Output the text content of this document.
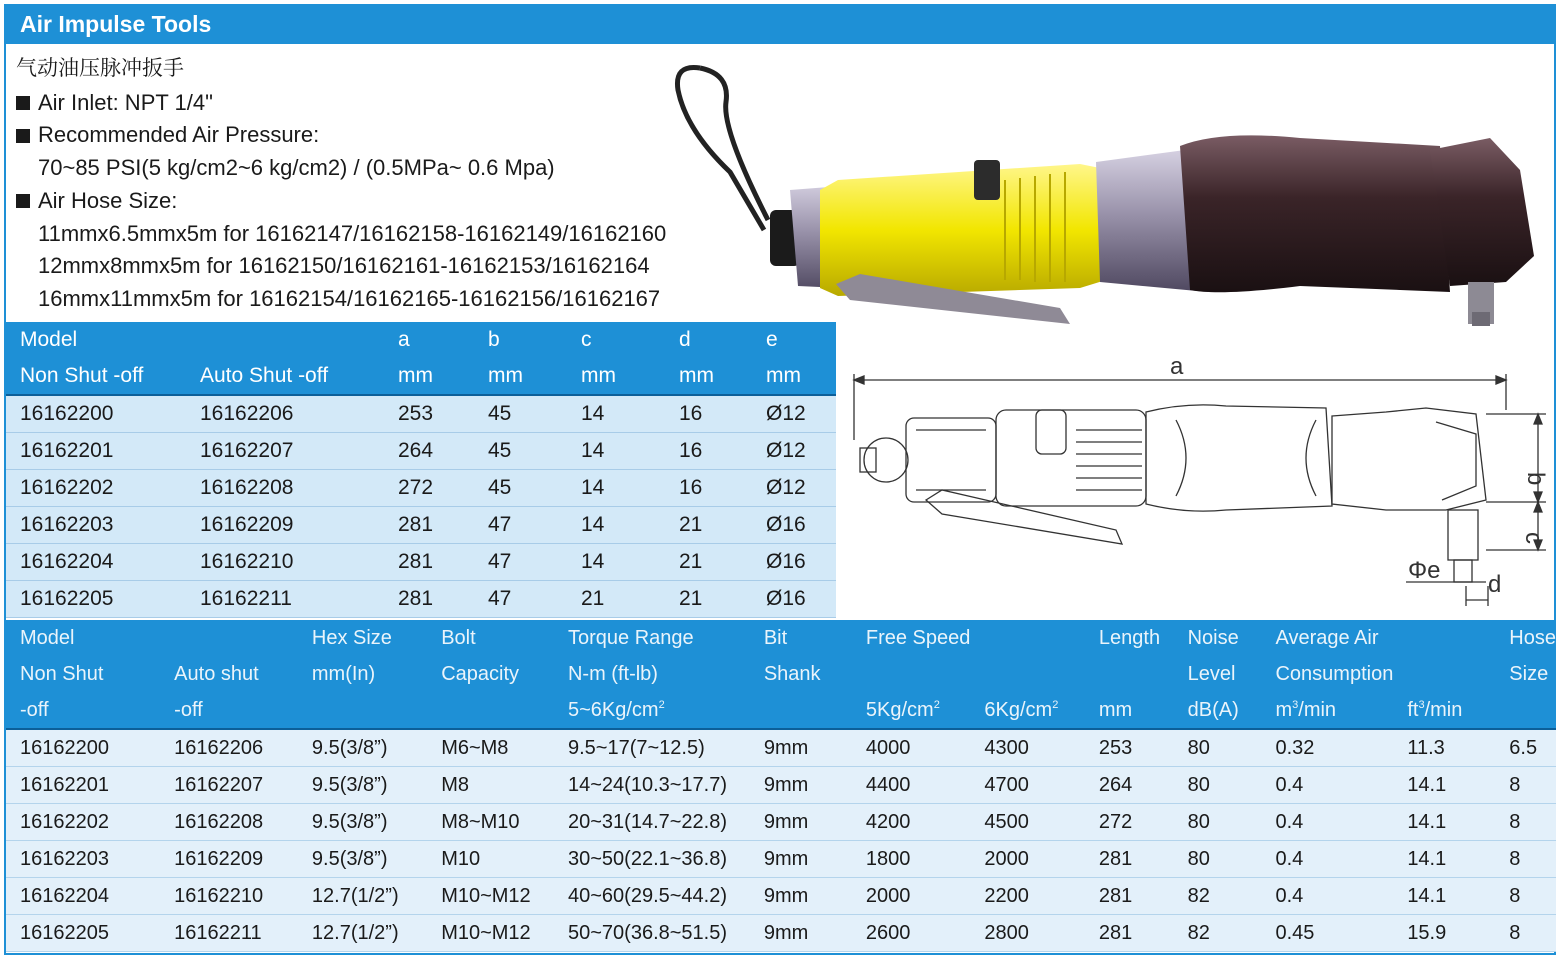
Air Impulse Tools
气动油压脉冲扳手
Air Inlet: NPT 1/4"
Recommended Air Pressure:
70~85 PSI(5 kg/cm2~6 kg/cm2) / (0.5MPa~ 0.6 Mpa)
Air Hose Size:
11mmx6.5mmx5m for 16162147/16162158-16162149/16162160
12mmx8mmx5m for 16162150/16162161-16162153/16162164
16mmx11mmx5m for 16162154/16162165-16162156/16162167
a
b
c
Φe
d
Model		a	b	c	d	e
Non Shut -off	Auto Shut -off	mm	mm	mm	mm	mm
16162200	16162206	253	45	14	16	Ø12
16162201	16162207	264	45	14	16	Ø12
16162202	16162208	272	45	14	16	Ø12
16162203	16162209	281	47	14	21	Ø16
16162204	16162210	281	47	14	21	Ø16
16162205	16162211	281	47	21	21	Ø16
Model		Hex Size	Bolt	Torque Range	Bit	Free Speed		Length	Noise	Average Air		Hose
Non Shut	Auto shut	mm(In)	Capacity	N-m (ft-lb)	Shank				Level	Consumption		Size
-off	-off			$5\sim 6Kg/cm^2$		$5Kg/cm^2$	$6Kg/cm^2$	mm	dB(A)	$m^3/\min$	$ft^3/\min$	
16162200	16162206	9.5(3/8”)	M6~M8	9.5~17(7~12.5)	9mm	4000	4300	253	80	0.32	11.3	6.5
16162201	16162207	9.5(3/8”)	M8	14~24(10.3~17.7)	9mm	4400	4700	264	80	0.4	14.1	8
16162202	16162208	9.5(3/8”)	M8~M10	20~31(14.7~22.8)	9mm	4200	4500	272	80	0.4	14.1	8
16162203	16162209	9.5(3/8”)	M10	30~50(22.1~36.8)	9mm	1800	2000	281	80	0.4	14.1	8
16162204	16162210	12.7(1/2”)	M10~M12	40~60(29.5~44.2)	9mm	2000	2200	281	82	0.4	14.1	8
16162205	16162211	12.7(1/2”)	M10~M12	50~70(36.8~51.5)	9mm	2600	2800	281	82	0.45	15.9	8
